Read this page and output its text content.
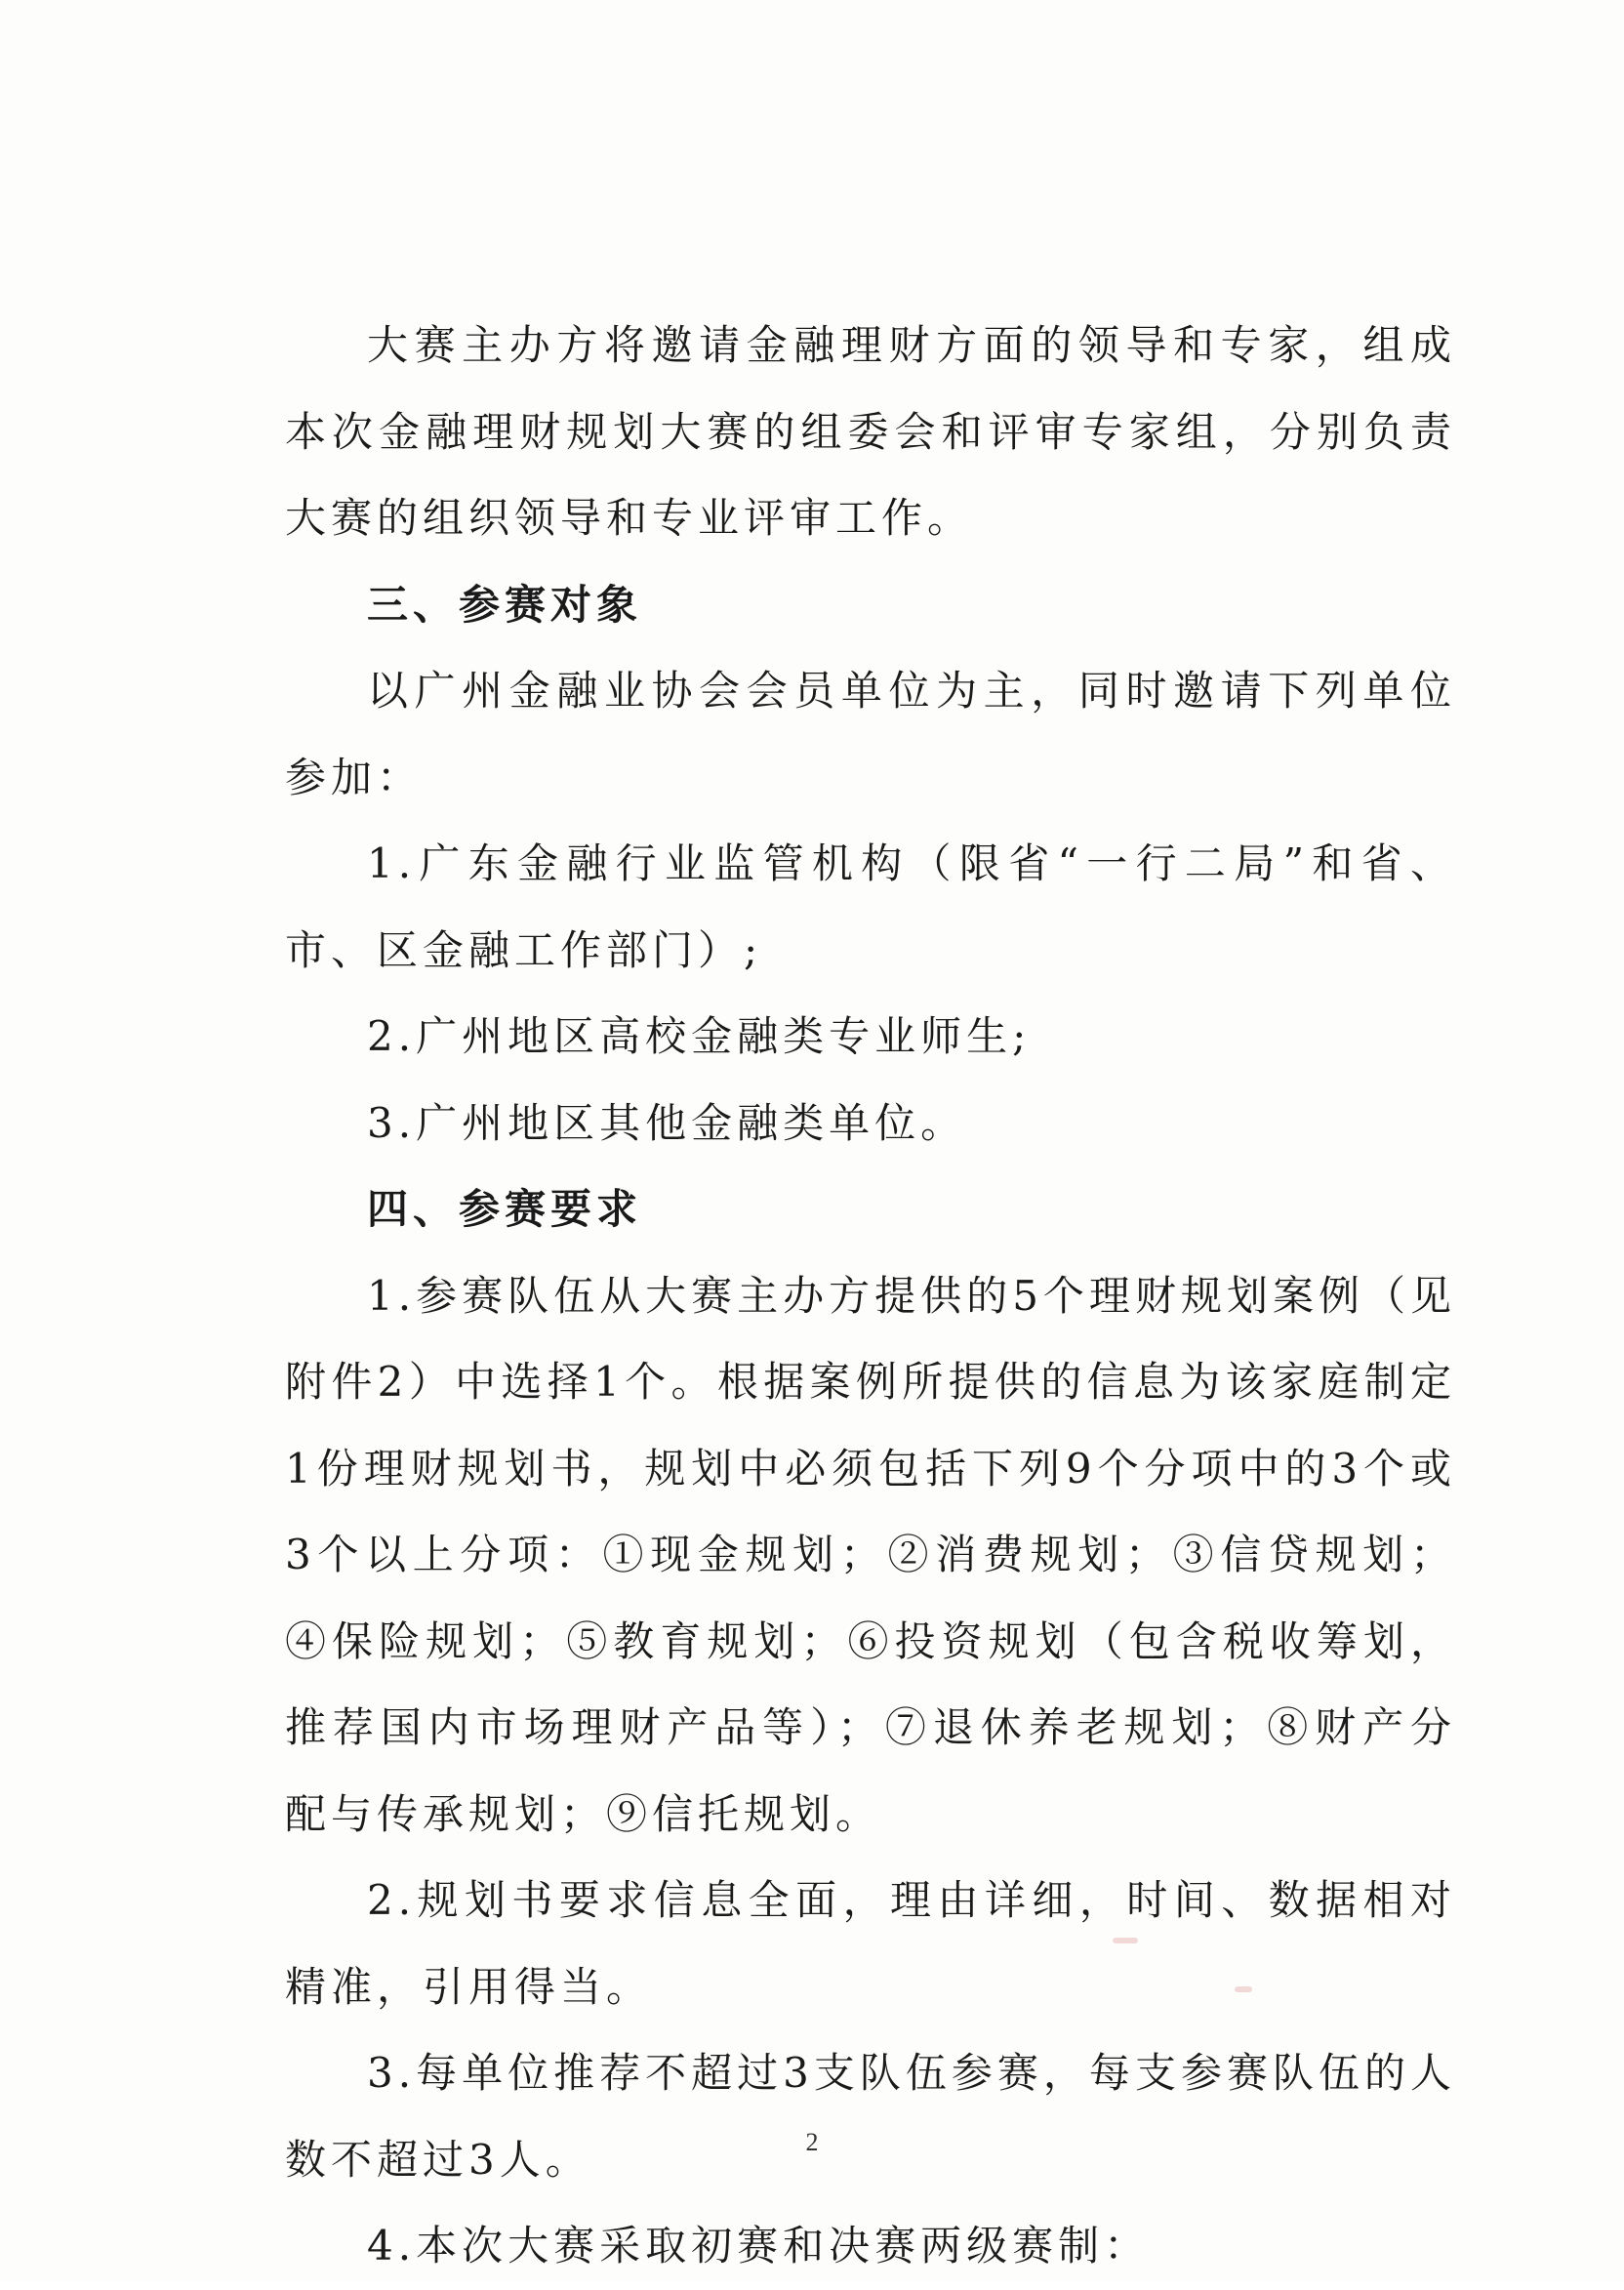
大赛主办方将邀请金融理财方面的领导和专家，组成本次金融理财规划大赛的组委会和评审专家组，分别负责大赛的组织领导和专业评审工作。

三、参赛对象

以广州金融业协会会员单位为主，同时邀请下列单位参加：

1.广东金融行业监管机构（限省“一行二局”和省、市、区金融工作部门）;

2.广州地区高校金融类专业师生;

3.广州地区其他金融类单位。

四、参赛要求

1.参赛队伍从大赛主办方提供的5个理财规划案例（见附件2）中选择1个。根据案例所提供的信息为该家庭制定1份理财规划书，规划中必须包括下列9个分项中的3个或3个以上分项：①现金规划；②消费规划；③信贷规划；④保险规划；⑤教育规划；⑥投资规划（包含税收筹划，推荐国内市场理财产品等）；⑦退休养老规划；⑧财产分配与传承规划；⑨信托规划。

2.规划书要求信息全面，理由详细，时间、数据相对精准，引用得当。

3.每单位推荐不超过3支队伍参赛，每支参赛队伍的人数不超过3人。

4.本次大赛采取初赛和决赛两级赛制：

2
